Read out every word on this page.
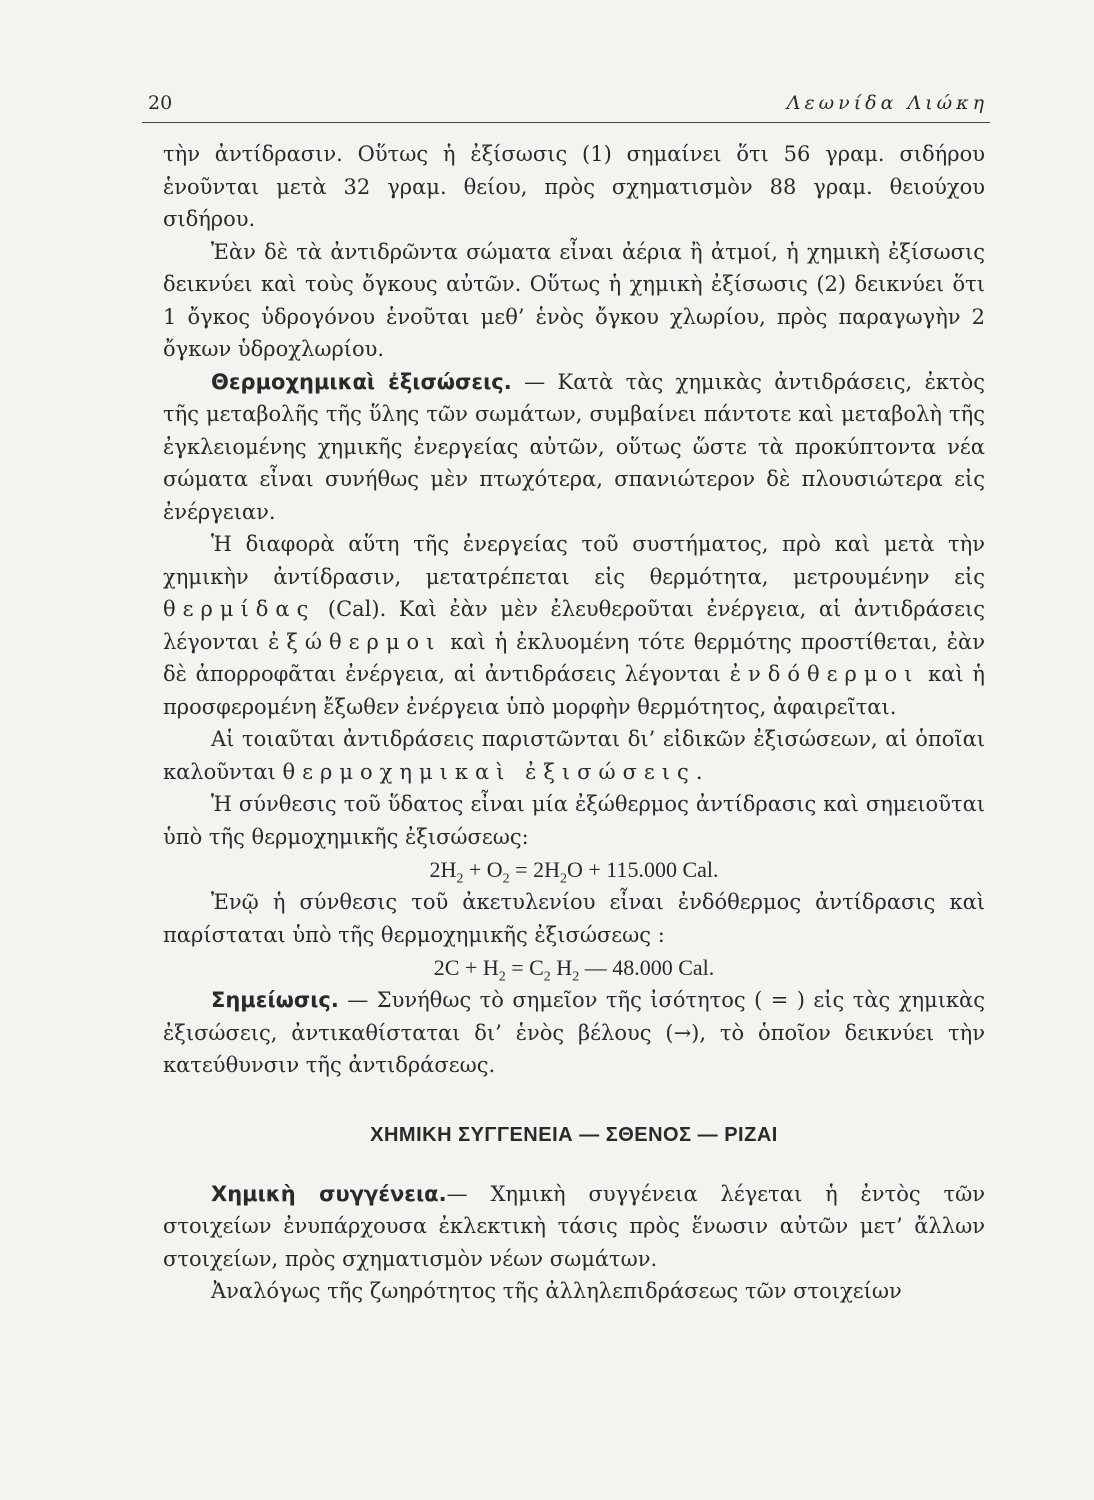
20	Λεωνίδα Λιώκη

τὴν ἀντίδρασιν. Οὕτως ἡ ἐξίσωσις (1) σημαίνει ὅτι 56 γραμ. σιδήρου ἑνοῦνται μετὰ 32 γραμ. θείου, πρὸς σχηματισμὸν 88 γραμ. θειούχου σιδήρου.

Ἐὰν δὲ τὰ ἀντιδρῶντα σώματα εἶναι ἀέρια ἢ ἀτμοί, ἡ χημικὴ ἐξίσωσις δεικνύει καὶ τοὺς ὄγκους αὐτῶν. Οὕτως ἡ χημικὴ ἐξίσωσις (2) δεικνύει ὅτι 1 ὄγκος ὑδρογόνου ἑνοῦται μεθ’ ἑνὸς ὄγκου χλωρίου, πρὸς παραγωγὴν 2 ὄγκων ὑδροχλωρίου.

Θερμοχημικαὶ ἐξισώσεις. — Κατὰ τὰς χημικὰς ἀντιδράσεις, ἐκτὸς τῆς μεταβολῆς τῆς ὕλης τῶν σωμάτων, συμβαίνει πάντοτε καὶ μεταβολὴ τῆς ἐγκλειομένης χημικῆς ἐνεργείας αὐτῶν, οὕτως ὥστε τὰ προκύπτοντα νέα σώματα εἶναι συνήθως μὲν πτωχότερα, σπανιώτερον δὲ πλουσιώτερα εἰς ἐνέργειαν.

Ἡ διαφορὰ αὕτη τῆς ἐνεργείας τοῦ συστήματος, πρὸ καὶ μετὰ τὴν χημικὴν ἀντίδρασιν, μετατρέπεται εἰς θερμότητα, μετρουμένην εἰς θερμίδας (Cal). Καὶ ἐὰν μὲν ἐλευθεροῦται ἐνέργεια, αἱ ἀντιδράσεις λέγονται ἐξώθερμοι καὶ ἡ ἐκλυομένη τότε θερμότης προστίθεται, ἐὰν δὲ ἀπορροφᾶται ἐνέργεια, αἱ ἀντιδράσεις λέγονται ἐνδόθερμοι καὶ ἡ προσφερομένη ἔξωθεν ἐνέργεια ὑπὸ μορφὴν θερμότητος, ἀφαιρεῖται.

Αἱ τοιαῦται ἀντιδράσεις παριστῶνται δι’ εἰδικῶν ἐξισώσεων, αἱ ὁποῖαι καλοῦνται θερμοχημικαὶ ἐξισώσεις.

Ἡ σύνθεσις τοῦ ὕδατος εἶναι μία ἐξώθερμος ἀντίδρασις καὶ σημειοῦται ὑπὸ τῆς θερμοχημικῆς ἐξισώσεως:

$2H_2 + O_2 = 2H_2O + 115.000$ Cal.

Ἐνῷ ἡ σύνθεσις τοῦ ἀκετυλενίου εἶναι ἐνδόθερμος ἀντίδρασις καὶ παρίσταται ὑπὸ τῆς θερμοχημικῆς ἐξισώσεως :

$2C + H_2 = C_2$ $H_2$ — 48.000 Cal.

Σημείωσις. — Συνήθως τὸ σημεῖον τῆς ἰσότητος ( = ) εἰς τὰς χημικὰς ἐξισώσεις, ἀντικαθίσταται δι’ ἑνὸς βέλους (→), τὸ ὁποῖον δεικνύει τὴν κατεύθυνσιν τῆς ἀντιδράσεως.

ΧΗΜΙΚΗ ΣΥΓΓΕΝΕΙΑ — ΣΘΕΝΟΣ — ΡΙΖΑΙ

Χημικὴ συγγένεια.— Χημικὴ συγγένεια λέγεται ἡ ἐντὸς τῶν στοιχείων ἐνυπάρχουσα ἐκλεκτικὴ τάσις πρὸς ἕνωσιν αὐτῶν μετ’ ἄλλων στοιχείων, πρὸς σχηματισμὸν νέων σωμάτων.

Ἀναλόγως τῆς ζωηρότητος τῆς ἀλληλεπιδράσεως τῶν στοιχείων
